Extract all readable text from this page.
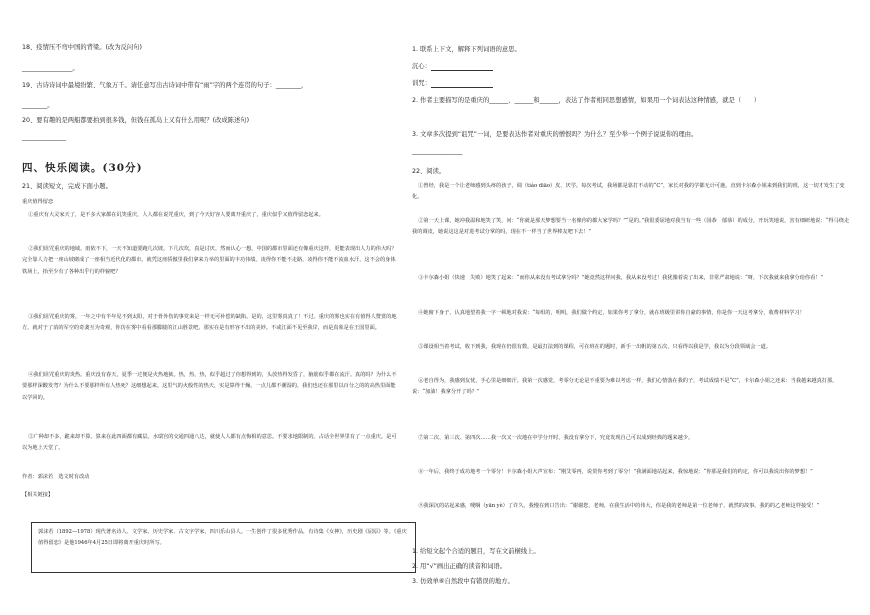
18、疫情压不弯中国的背梁。(改为反问句)
________________。
19、古诗诗词中最境纷繁、气象万千。请任意写出古诗词中带有“雨”字的两个连贯的句子：________，
________。
20、要有趣的是两船都要拍到很多钱，但钱在孤岛上又有什么用呢？(改成陈述句)
______________
四、快乐阅读。(30分)
21、阅读短文，完成下面小题。
重庆值得留恋

①重庆有大灵家天了，是不多大家都在讥笑重庆，人人都在说咒重庆，到了今天好容人要离开重庆了，重庆似乎又值得留恋起来。

②我们诅咒重庆的地域。雨依不下，一天不知道要跑几次坡，下几次坎，真是讨厌。然而认心一想，中国的都市里面还有像重庆这样，更能表现出人力的伟大吗？完全靠人力把一座山坡砌成了一座相当近代化的都市。就凭这座骄傲里我们拿来力举的里面的丰功伟绩。凌得你不能不走路，凌得你不能不流血水汗，这不会的身体铁场上，抬至少有了各种出乎行的样貌吧？

③我们诅咒重庆的雾。一年之中有半年见不到太阳，对于骨外伤的事党来是一样无可补偿的缺陷。是的，这里雾真真了！不过。重庆的雾也实在有值得人赞赏的地方。就对于了消的军空的奇袭互为奇观，你彷在雾中看看那朦胧的江山胜景吧，那实在是有形容不出的美妙。不或江面不见至我岸，而是真象是在王国里面。

④我们诅咒重庆的炎热。重庆没有春天，夏季一过便是火热地狱。热，热，热，似乎超过了你想得到的，头放热得发昏了，脑筋似乎都在流汗。真的吗？为什么不要那样深酸发弯？为什么不要那样所有人热死？这细想起来。这里气的火般性的热天，实是算得干燥。一点儿都不潮湿的，我们也还在那里以百分之的的高热里面能以学回的。

⑤广种却不多，跪来却不算。算来在此四面都有藏层。水瑞宫的交通四通八达，就使人人都有点悔相的意思。不要求地限制的。占话全世界里有了一点重庆。是可以为地上天堂了。

作者：郭沫若　选文时有改动
【相关链接】

郭沫若（1892—1978）现代著名诗人、文学家、历史学家、古文字学家，四川乐山县人。一生创作了很多优秀作品，有诗集《女神》，历史剧《屈原》等。《重庆值得留恋》是他1946年4月25日即将离开重庆时所写。

1. 联系上下文，解释下列词语的意思。
沉心：
训咒：
2. 作者主要描写的是重庆的______、______和______，表达了作者相同思想感情，如果用一个词表达这种情感，就是（　　）
3. 文章多次提到“诅咒”一词，是要表达作者对重庆的憎恨吗？为什么？至少举一个例子说说你的理由。
________________
22、阅读。

①曾经，我是一个让老师感到头疼的孩子，调（tiáo diāo）皮、厌学。每次考试，我场都是靠打不动的“C”，家长对我的学都无计可施。直到卡尔森小姐来到我们的班，这一切才发生了变化。

②第一天上课，她冲我温和地笑了笑，问：“你就是那天梦想要当一名像你的都大家学吗？”“是的。”我很委屈地对我当有一些（园恭　郁恭）的成分，开玩笑地说，害有细研地说：“得马绕走我的调皮，她说这这是对进考试分掌的吗，现在不一样当了世界棒友吧下去！”

③卡尔森小姐（快速　失败）地笑了起来：“而你从来没有考试拿分吗？”她竟然这样问我，我从来没考过！我犹豫着说了出来，非常严肃地说：“呀，下次我就来我拿分给你看！”

④她俯下身子，认真地望着我一字一顿地对我说：“每组的，明明，我们做个约定，如果你考了拿分，就在班级里讲你自豪的事情，你是你一天这考拿分，收费材料学习！

⑤课设相当着考试，收下到我，我现在仍很有数，是最打法到的课程，可在班在的题时，新手一出帆的第五次，只看得以我是学，我以为分段领域会一道。

⑥老自得为，我感到友忧，手心里是细细汗。我第一次感觉，考零分无论是不重要为难以考虑一样，我们心情落在我的子，考试成绩不是“C”，卡尔森小姐之还来：当我越来越真打那，说：“加油！我拿分开了吗？”

⑦第二次、第三次、第四次……我一次又一次地在中学分开时，我没有拿分下，究竟发现自己可以成到经典的题来越少。

⑧一年后，我终于成功地考一个零分！卡尔森小姐大声宣布：“刚艾零再，说贺你考到了零分！”我满面地站起来，我惊地说：“你那是我们的约定，你可以我说出你的梦想！”

⑨我深沉的站起来感，哽咽（yān yè）了许久，我慢在到口告出：“谢谢您，老师，在我生活中的伟大，你是我的老师是第一位老师子，就然的故事。我的的乙老师这样接受！”

1. 给短文起个合适的题目，写在文前横线上。
2. 用“√”画出正确的读音和词语。
3. 仿效单⑥自然段中有错误的地方。
